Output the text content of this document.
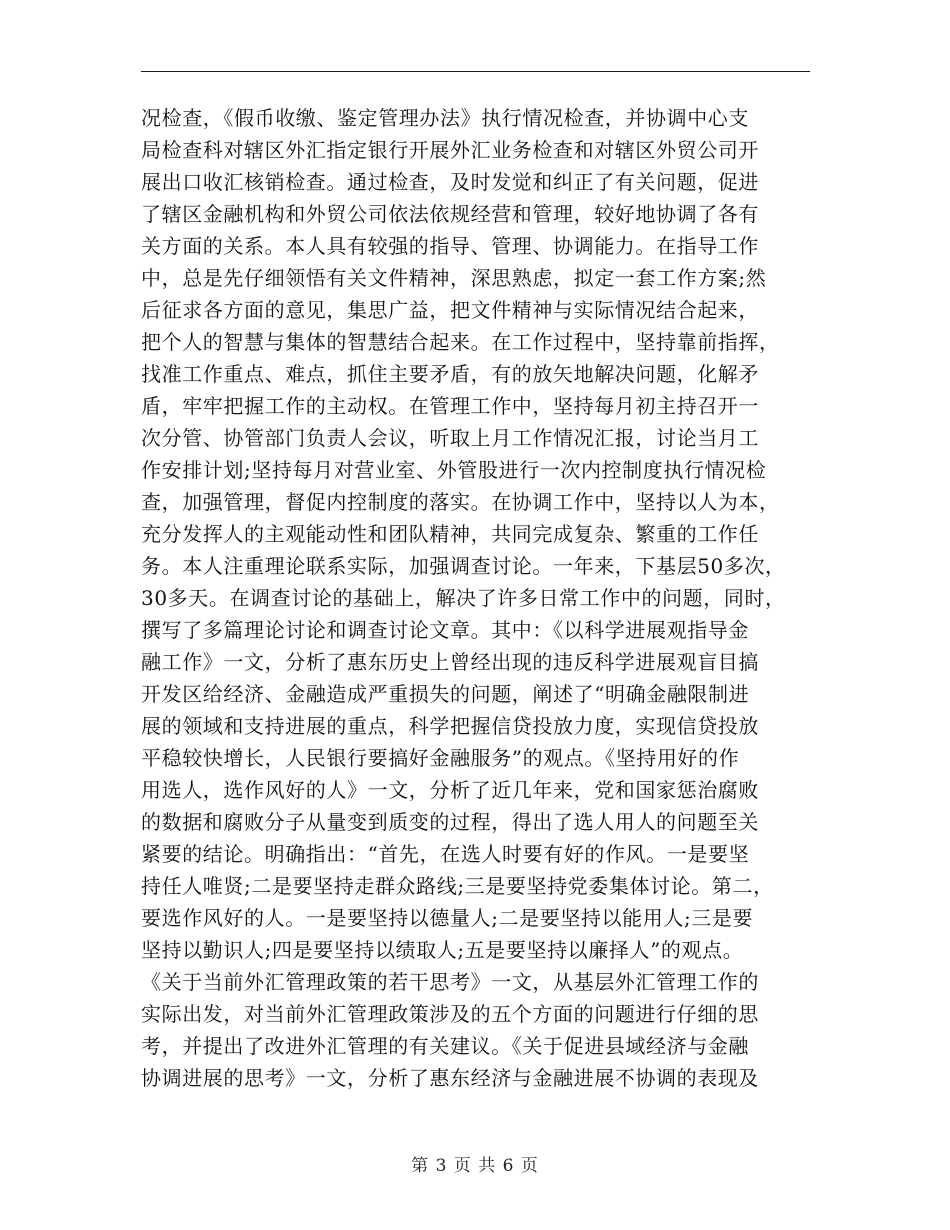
况检查，《假币收缴、鉴定管理办法》执行情况检查，并协调中心支
局检查科对辖区外汇指定银行开展外汇业务检查和对辖区外贸公司开
展出口收汇核销检查。通过检查，及时发觉和纠正了有关问题，促进
了辖区金融机构和外贸公司依法依规经营和管理，较好地协调了各有
关方面的关系。本人具有较强的指导、管理、协调能力。在指导工作
中，总是先仔细领悟有关文件精神，深思熟虑，拟定一套工作方案;然
后征求各方面的意见，集思广益，把文件精神与实际情况结合起来，
把个人的智慧与集体的智慧结合起来。在工作过程中，坚持靠前指挥，
找准工作重点、难点，抓住主要矛盾，有的放矢地解决问题，化解矛
盾，牢牢把握工作的主动权。在管理工作中，坚持每月初主持召开一
次分管、协管部门负责人会议，听取上月工作情况汇报，讨论当月工
作安排计划;坚持每月对营业室、外管股进行一次内控制度执行情况检
查，加强管理，督促内控制度的落实。在协调工作中，坚持以人为本，
充分发挥人的主观能动性和团队精神，共同完成复杂、繁重的工作任
务。本人注重理论联系实际，加强调查讨论。一年来，下基层50多次，
30多天。在调查讨论的基础上，解决了许多日常工作中的问题，同时，
撰写了多篇理论讨论和调查讨论文章。其中：《以科学进展观指导金
融工作》一文，分析了惠东历史上曾经出现的违反科学进展观盲目搞
开发区给经济、金融造成严重损失的问题，阐述了“明确金融限制进
展的领域和支持进展的重点，科学把握信贷投放力度，实现信贷投放
平稳较快增长，人民银行要搞好金融服务”的观点。《坚持用好的作
用选人，选作风好的人》一文，分析了近几年来，党和国家惩治腐败
的数据和腐败分子从量变到质变的过程，得出了选人用人的问题至关
紧要的结论。明确指出：“首先，在选人时要有好的作风。一是要坚
持任人唯贤;二是要坚持走群众路线;三是要坚持党委集体讨论。第二，
要选作风好的人。一是要坚持以德量人;二是要坚持以能用人;三是要
坚持以勤识人;四是要坚持以绩取人;五是要坚持以廉择人”的观点。
《关于当前外汇管理政策的若干思考》一文，从基层外汇管理工作的
实际出发，对当前外汇管理政策涉及的五个方面的问题进行仔细的思
考，并提出了改进外汇管理的有关建议。《关于促进县域经济与金融
协调进展的思考》一文，分析了惠东经济与金融进展不协调的表现及
第 3 页 共 6 页
